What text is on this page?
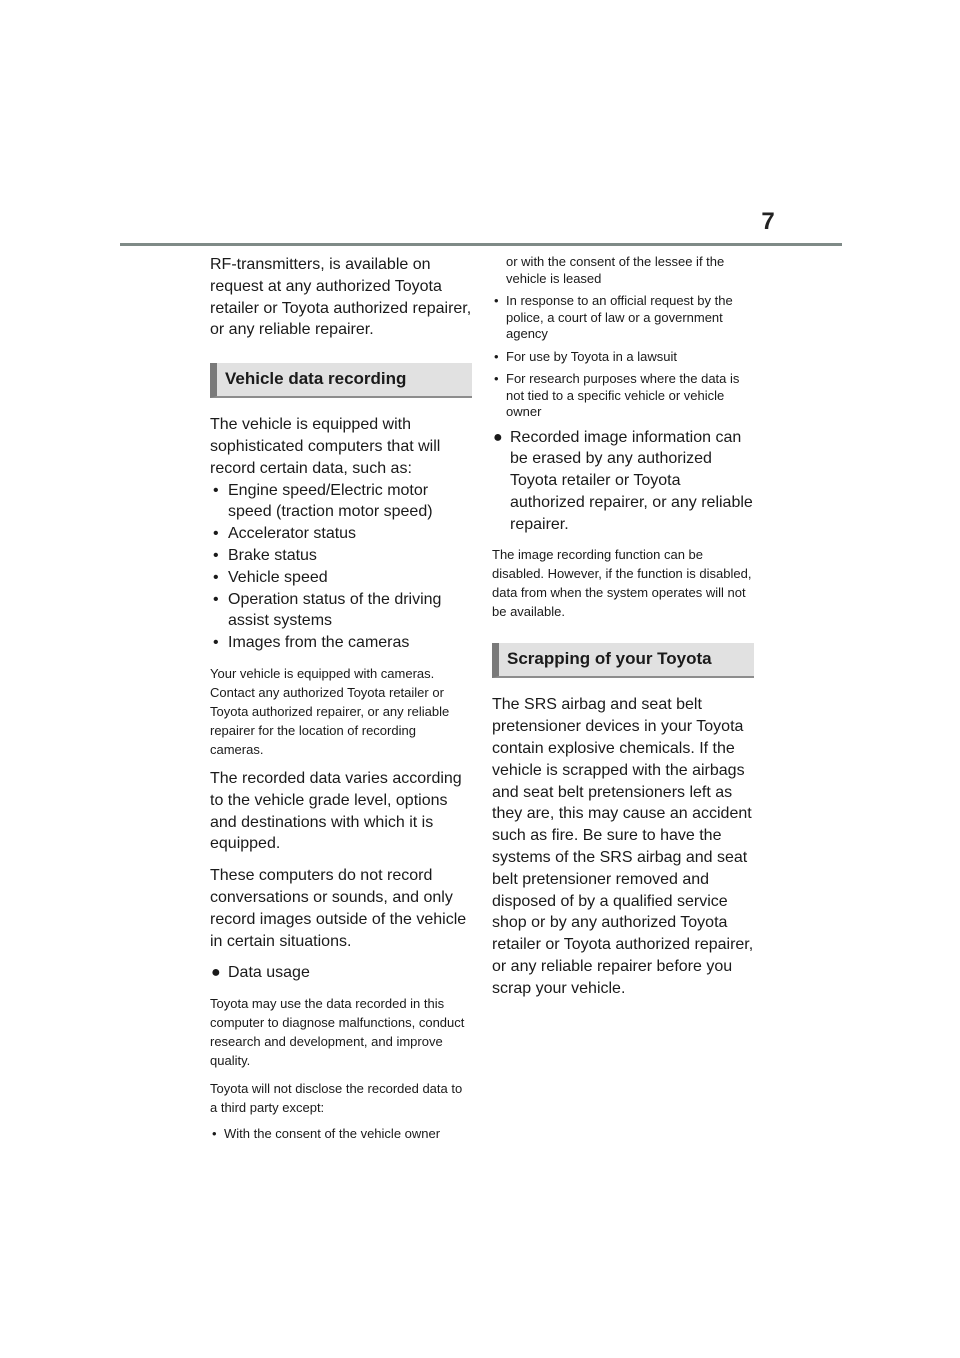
7

RF-transmitters, is available on request at any authorized Toyota retailer or Toyota authorized repairer, or any reliable repairer.

Vehicle data recording

The vehicle is equipped with sophisticated computers that will record certain data, such as:

• Engine speed/Electric motor speed (traction motor speed)
• Accelerator status
• Brake status
• Vehicle speed
• Operation status of the driving assist systems
• Images from the cameras

Your vehicle is equipped with cameras. Contact any authorized Toyota retailer or Toyota authorized repairer, or any reliable repairer for the location of recording cameras.

The recorded data varies according to the vehicle grade level, options and destinations with which it is equipped.

These computers do not record conversations or sounds, and only record images outside of the vehicle in certain situations.

● Data usage

Toyota may use the data recorded in this computer to diagnose malfunctions, conduct research and development, and improve quality.

Toyota will not disclose the recorded data to a third party except:

• With the consent of the vehicle owner
or with the consent of the lessee if the vehicle is leased
• In response to an official request by the police, a court of law or a government agency
• For use by Toyota in a lawsuit
• For research purposes where the data is not tied to a specific vehicle or vehicle owner
● Recorded image information can be erased by any authorized Toyota retailer or Toyota authorized repairer, or any reliable repairer.

The image recording function can be disabled. However, if the function is disabled, data from when the system operates will not be available.

Scrapping of your Toyota

The SRS airbag and seat belt pretensioner devices in your Toyota contain explosive chemicals. If the vehicle is scrapped with the airbags and seat belt pretensioners left as they are, this may cause an accident such as fire. Be sure to have the systems of the SRS airbag and seat belt pretensioner removed and disposed of by a qualified service shop or by any authorized Toyota retailer or Toyota authorized repairer, or any reliable repairer before you scrap your vehicle.
